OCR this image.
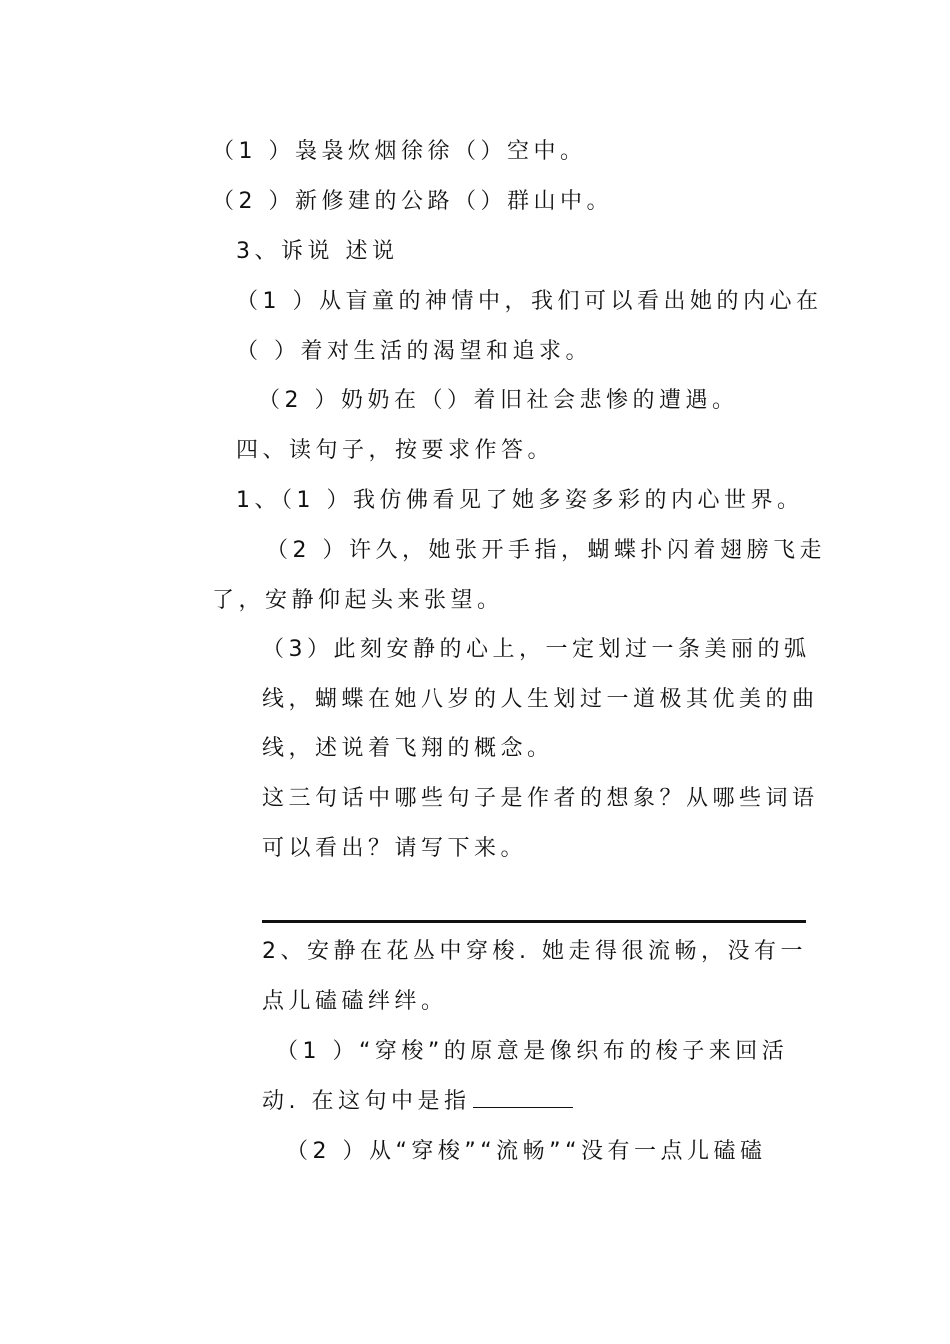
（1 ）袅袅炊烟徐徐（）空中。
（2 ）新修建的公路（）群山中。
3、诉说 述说
（1 ）从盲童的神情中，我们可以看出她的内心在
（ ）着对生活的渴望和追求。
（2 ）奶奶在（）着旧社会悲惨的遭遇。
四、读句子，按要求作答。
1、（1 ）我仿佛看见了她多姿多彩的内心世界。
（2 ）许久，她张开手指，蝴蝶扑闪着翅膀飞走
了，安静仰起头来张望。
（3）此刻安静的心上，一定划过一条美丽的弧
线，蝴蝶在她八岁的人生划过一道极其优美的曲
线，述说着飞翔的概念。
这三句话中哪些句子是作者的想象？从哪些词语
可以看出？请写下来。
2、安静在花丛中穿梭. 她走得很流畅，没有一
点儿磕磕绊绊。
（1 ）“穿梭”的原意是像织布的梭子来回活
动. 在这句中是指
（2 ）从“穿梭”“流畅”“没有一点儿磕磕
